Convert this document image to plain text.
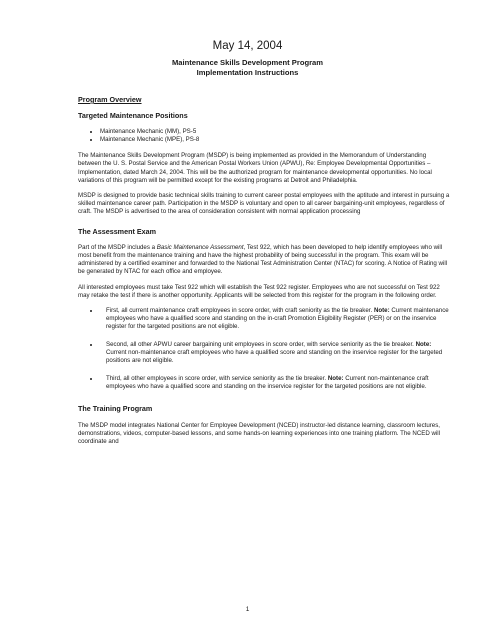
May 14, 2004
Maintenance Skills Development Program
Implementation Instructions
Program Overview
Targeted Maintenance Positions
• Maintenance Mechanic (MM), PS-5
• Maintenance Mechanic (MPE), PS-8

The Maintenance Skills Development Program (MSDP) is being implemented as provided in the Memorandum of Understanding between the U. S. Postal Service and the American Postal Workers Union (APWU), Re: Employee Developmental Opportunities – Implementation, dated March 24, 2004. This will be the authorized program for maintenance developmental opportunities. No local variations of this program will be permitted except for the existing programs at Detroit and Philadelphia.

MSDP is designed to provide basic technical skills training to current career postal employees with the aptitude and interest in pursuing a skilled maintenance career path. Participation in the MSDP is voluntary and open to all career bargaining-unit employees, regardless of craft. The MSDP is advertised to the area of consideration consistent with normal application processing

The Assessment Exam

Part of the MSDP includes a Basic Maintenance Assessment, Test 922, which has been developed to help identify employees who will most benefit from the maintenance training and have the highest probability of being successful in the program. This exam will be administered by a certified examiner and forwarded to the National Test Administration Center (NTAC) for scoring. A Notice of Rating will be generated by NTAC for each office and employee.

All interested employees must take Test 922 which will establish the Test 922 register. Employees who are not successful on Test 922 may retake the test if there is another opportunity. Applicants will be selected from this register for the program in the following order.

• First, all current maintenance craft employees in score order, with craft seniority as the tie breaker. Note: Current maintenance employees who have a qualified score and standing on the in-craft Promotion Eligibility Register (PER) or on the inservice register for the targeted positions are not eligible.
• Second, all other APWU career bargaining unit employees in score order, with service seniority as the tie breaker. Note: Current non-maintenance craft employees who have a qualified score and standing on the inservice register for the targeted positions are not eligible.
• Third, all other employees in score order, with service seniority as the tie breaker. Note: Current non-maintenance craft employees who have a qualified score and standing on the inservice register for the targeted positions are not eligible.
The Training Program

The MSDP model integrates National Center for Employee Development (NCED) instructor-led distance learning, classroom lectures, demonstrations, videos, computer-based lessons, and some hands-on learning experiences into one training platform. The NCED will coordinate and

1
